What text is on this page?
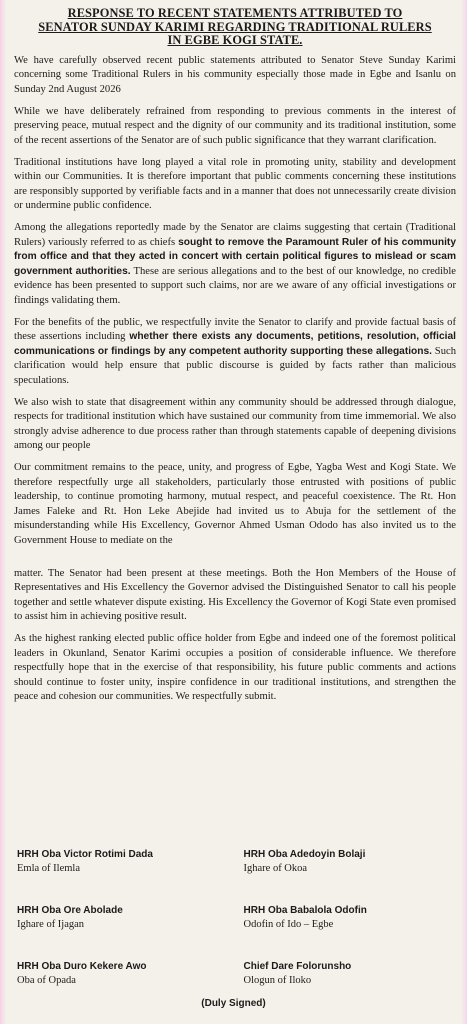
RESPONSE TO RECENT STATEMENTS ATTRIBUTED TO
SENATOR SUNDAY KARIMI REGARDING TRADITIONAL RULERS
IN EGBE KOGI STATE.

We have carefully observed recent public statements attributed to Senator Steve Sunday Karimi concerning some Traditional Rulers in his community especially those made in Egbe and Isanlu on Sunday 2nd August 2026

While we have deliberately refrained from responding to previous comments in the interest of preserving peace, mutual respect and the dignity of our community and its traditional institution, some of the recent assertions of the Senator are of such public significance that they warrant clarification.

Traditional institutions have long played a vital role in promoting unity, stability and development within our Communities. It is therefore important that public comments concerning these institutions are responsibly supported by verifiable facts and in a manner that does not unnecessarily create division or undermine public confidence.

Among the allegations reportedly made by the Senator are claims suggesting that certain (Traditional Rulers) variously referred to as chiefs sought to remove the Paramount Ruler of his community from office and that they acted in concert with certain political figures to mislead or scam government authorities. These are serious allegations and to the best of our knowledge, no credible evidence has been presented to support such claims, nor are we aware of any official investigations or findings validating them.

For the benefits of the public, we respectfully invite the Senator to clarify and provide factual basis of these assertions including whether there exists any documents, petitions, resolution, official communications or findings by any competent authority supporting these allegations. Such clarification would help ensure that public discourse is guided by facts rather than malicious speculations.

We also wish to state that disagreement within any community should be addressed through dialogue, respects for traditional institution which have sustained our community from time immemorial. We also strongly advise adherence to due process rather than through statements capable of deepening divisions among our people

Our commitment remains to the peace, unity, and progress of Egbe, Yagba West and Kogi State. We therefore respectfully urge all stakeholders, particularly those entrusted with positions of public leadership, to continue promoting harmony, mutual respect, and peaceful coexistence. The Rt. Hon James Faleke and Rt. Hon Leke Abejide had invited us to Abuja for the settlement of the misunderstanding while His Excellency, Governor Ahmed Usman Ododo has also invited us to the Government House to mediate on the

matter. The Senator had been present at these meetings. Both the Hon Members of the House of Representatives and His Excellency the Governor advised the Distinguished Senator to call his people together and settle whatever dispute existing. His Excellency the Governor of Kogi State even promised to assist him in achieving positive result.

As the highest ranking elected public office holder from Egbe and indeed one of the foremost political leaders in Okunland, Senator Karimi occupies a position of considerable influence. We therefore respectfully hope that in the exercise of that responsibility, his future public comments and actions should continue to foster unity, inspire confidence in our traditional institutions, and strengthen the peace and cohesion our communities. We respectfully submit.

HRH Oba Victor Rotimi Dada
Emla of Ilemla
HRH Oba Adedoyin Bolaji
Ighare of Okoa
HRH Oba Ore Abolade
Ighare of Ijagan
HRH Oba Babalola Odofin
Odofin of Ido – Egbe
HRH Oba Duro Kekere Awo
Oba of Opada
Chief Dare Folorunsho
Ologun of Iloko
(Duly Signed)
